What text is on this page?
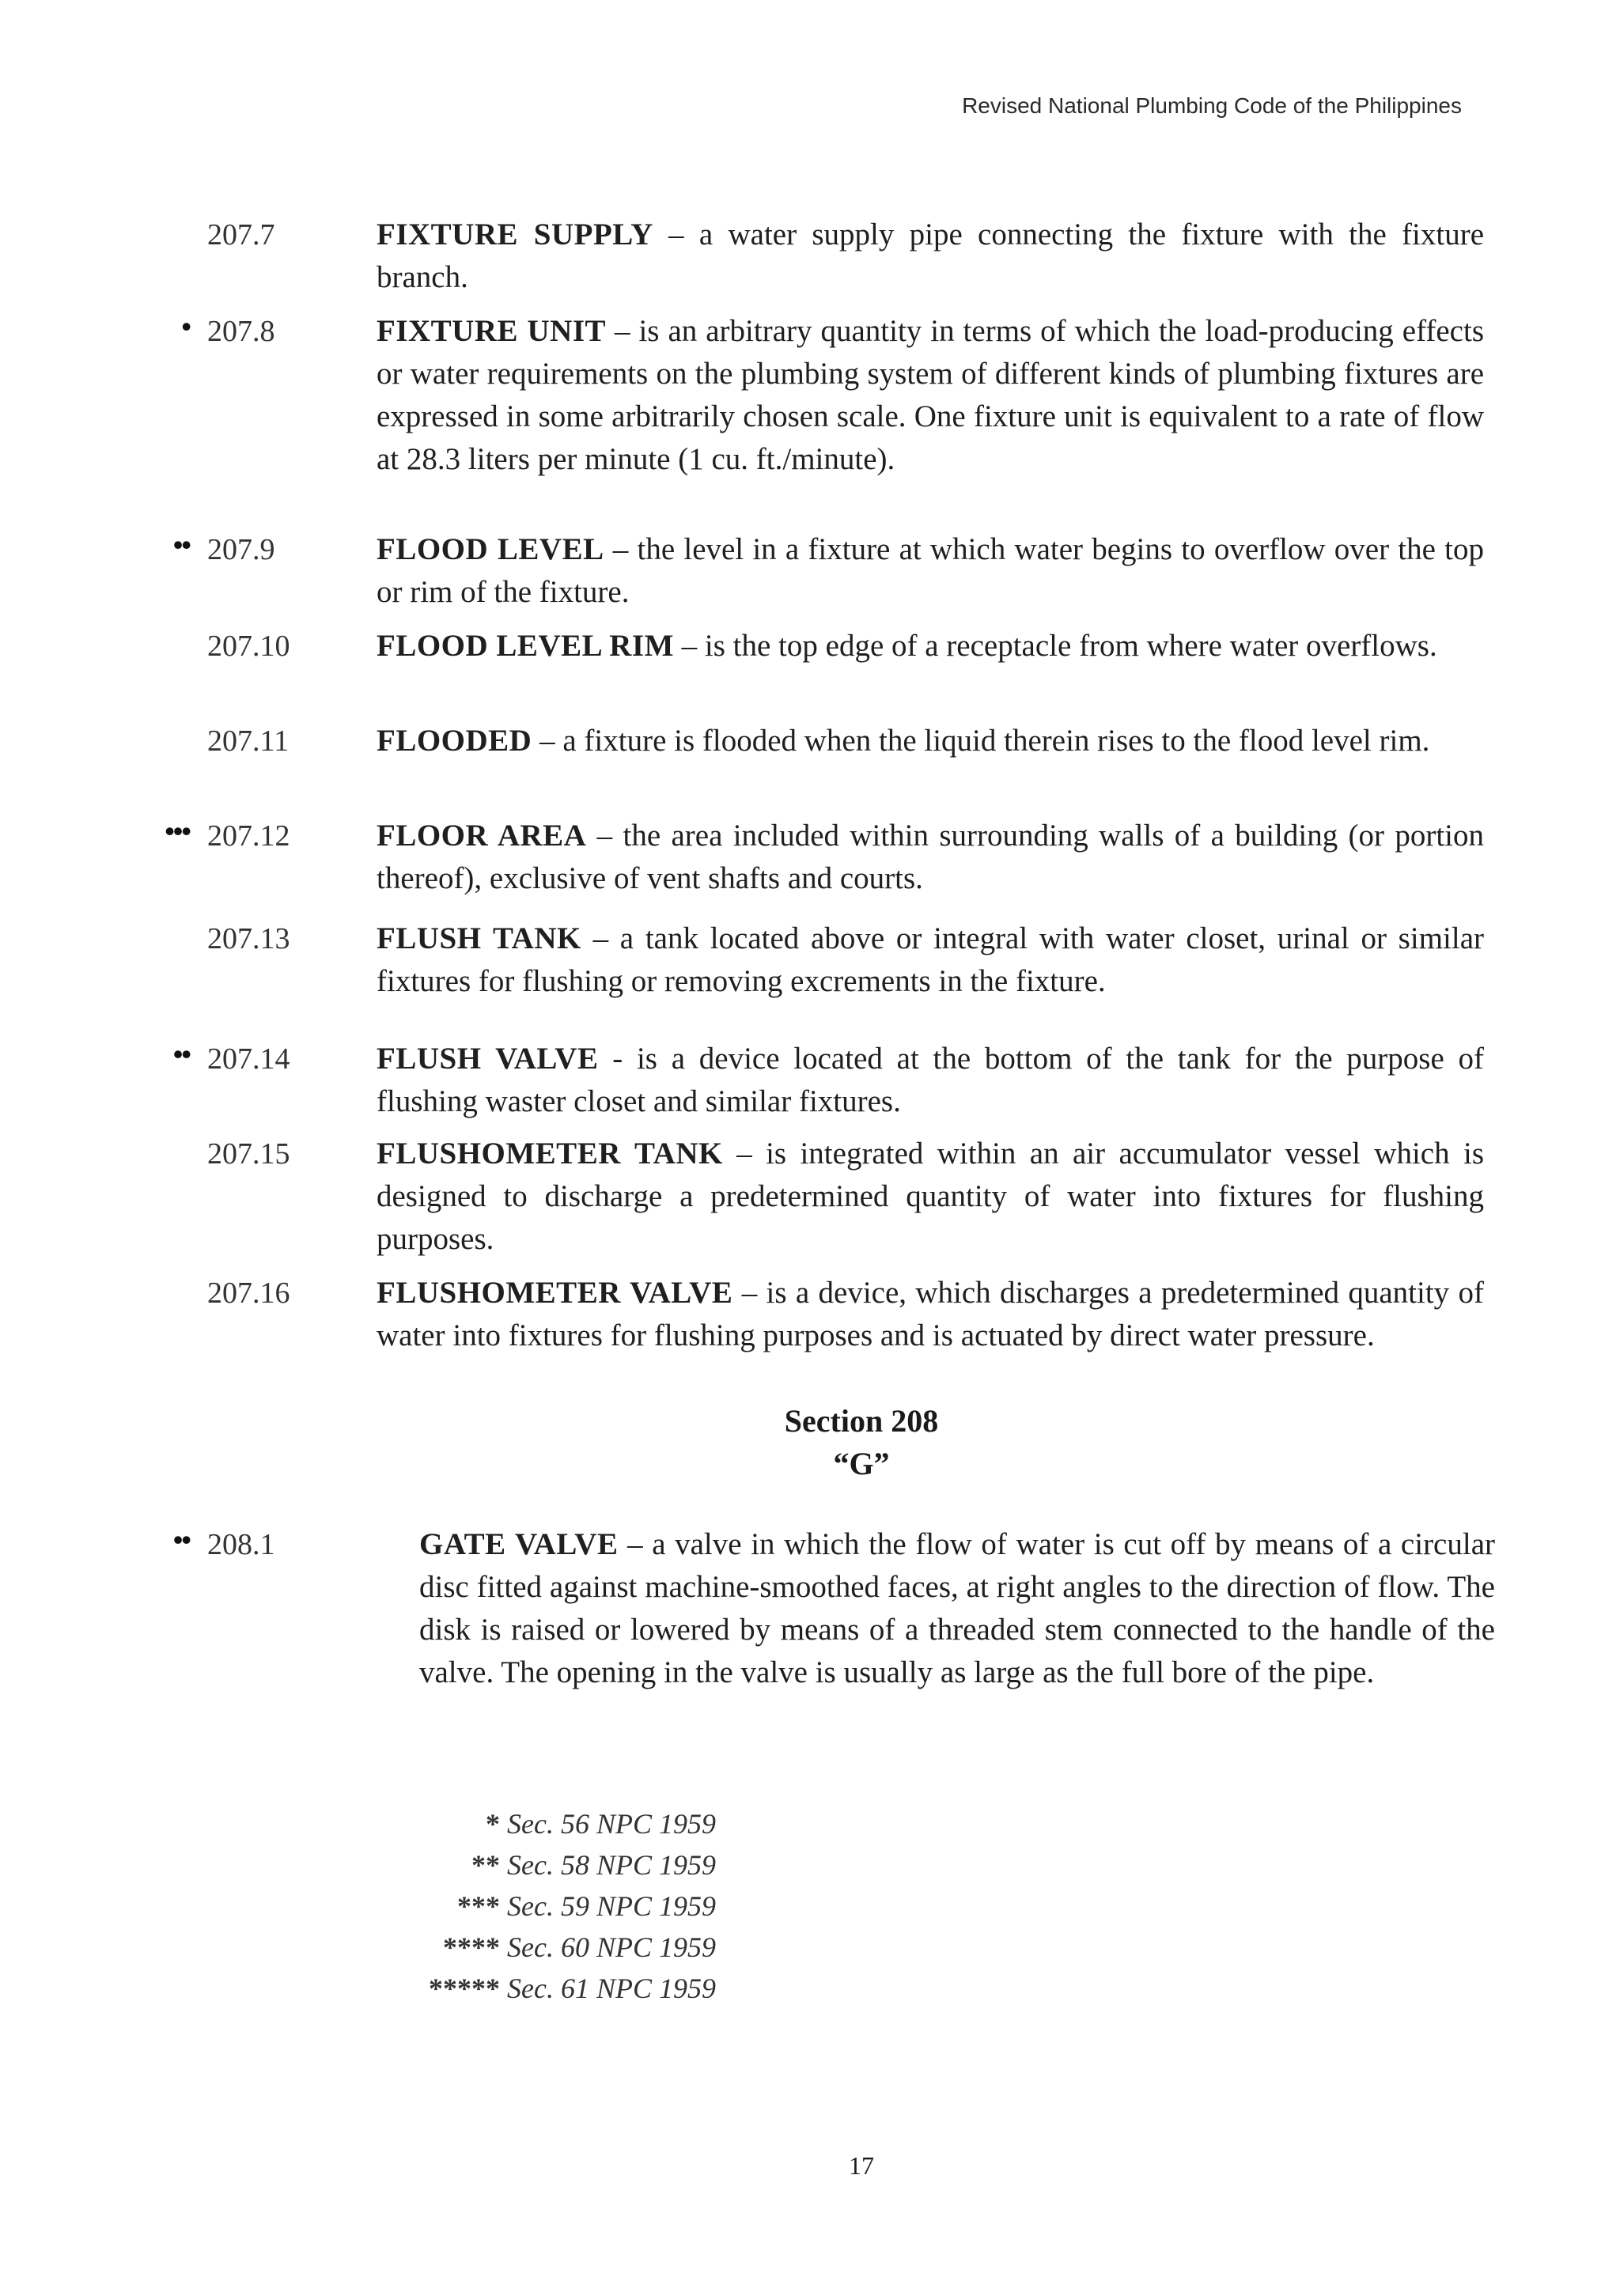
Revised National Plumbing Code of the Philippines
207.7	FIXTURE SUPPLY – a water supply pipe connecting the fixture with the fixture branch.
• 207.8	FIXTURE UNIT – is an arbitrary quantity in terms of which the load-producing effects or water requirements on the plumbing system of different kinds of plumbing fixtures are expressed in some arbitrarily chosen scale. One fixture unit is equivalent to a rate of flow at 28.3 liters per minute (1 cu. ft./minute).
•• 207.9	FLOOD LEVEL – the level in a fixture at which water begins to overflow over the top or rim of the fixture.
207.10	FLOOD LEVEL RIM – is the top edge of a receptacle from where water overflows.
207.11	FLOODED – a fixture is flooded when the liquid therein rises to the flood level rim.
••• 207.12	FLOOR AREA – the area included within surrounding walls of a building (or portion thereof), exclusive of vent shafts and courts.
207.13	FLUSH TANK – a tank located above or integral with water closet, urinal or similar fixtures for flushing or removing excrements in the fixture.
•• 207.14	FLUSH VALVE - is a device located at the bottom of the tank for the purpose of flushing waster closet and similar fixtures.
207.15	FLUSHOMETER TANK – is integrated within an air accumulator vessel which is designed to discharge a predetermined quantity of water into fixtures for flushing purposes.
207.16	FLUSHOMETER VALVE – is a device, which discharges a predetermined quantity of water into fixtures for flushing purposes and is actuated by direct water pressure.
Section 208
“G”
•• 208.1	GATE VALVE – a valve in which the flow of water is cut off by means of a circular disc fitted against machine-smoothed faces, at right angles to the direction of flow. The disk is raised or lowered by means of a threaded stem connected to the handle of the valve. The opening in the valve is usually as large as the full bore of the pipe.
* Sec. 56 NPC 1959
** Sec. 58 NPC 1959
*** Sec. 59 NPC 1959
**** Sec. 60 NPC 1959
***** Sec. 61 NPC 1959
17
